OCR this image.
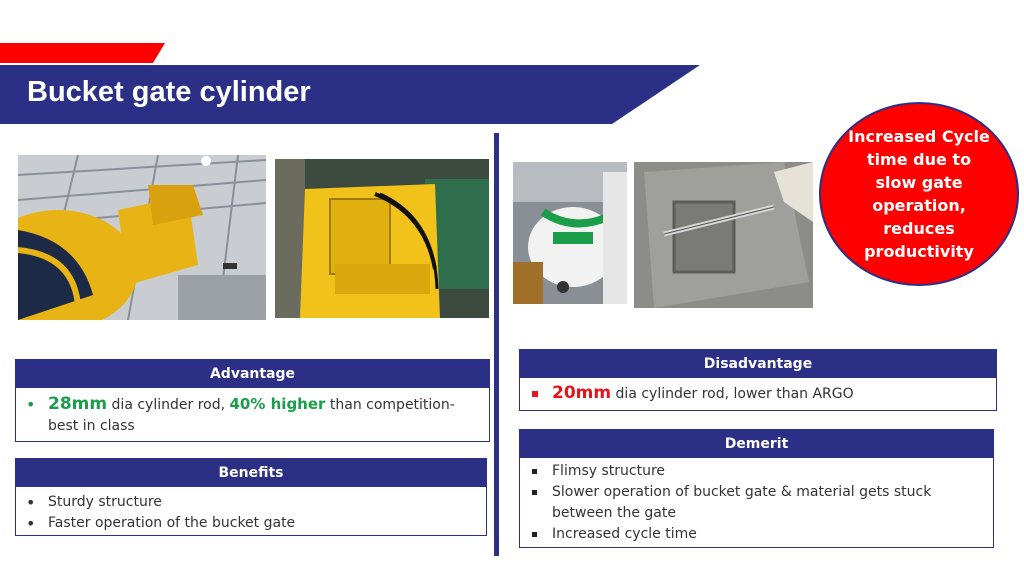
Bucket gate cylinder
Increased Cycle time due to slow gate operation, reduces productivity
Advantage
• 28mm dia cylinder rod, 40% higher than competition- best in class
Benefits
• Sturdy structure
• Faster operation of the bucket gate
Disadvantage
20mm dia cylinder rod, lower than ARGO
Demerit
Flimsy structure
Slower operation of bucket gate & material gets stuck between the gate
Increased cycle time
